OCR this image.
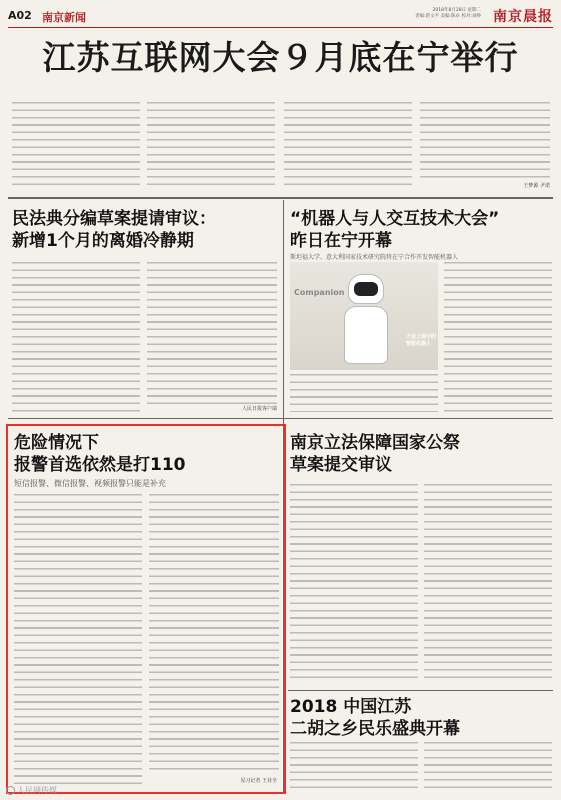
A02 南京新闻
2018年8月28日 星期二
责编:蒋文平 美编:陈卓 校对:刘峥 南京晨报
江苏互联网大会９月底在宁举行
王梦源 尹诺
民法典分编草案提请审议：
新增1个月的离婚冷静期
人民日报客户端
“机器人与人交互技术大会”
昨日在宁开幕
斯坦福大学、意大利国家技术研究院将在宁合作开发智能机器人
Companion
大会上展示的智能机器人
危险情况下
报警首选依然是打110
短信报警、微信报警、视频报警只能是补充
见习记者 王业全
南京立法保障国家公祭
草案提交审议
2018 中国江苏
二胡之乡民乐盛典开幕
人民网传媒
